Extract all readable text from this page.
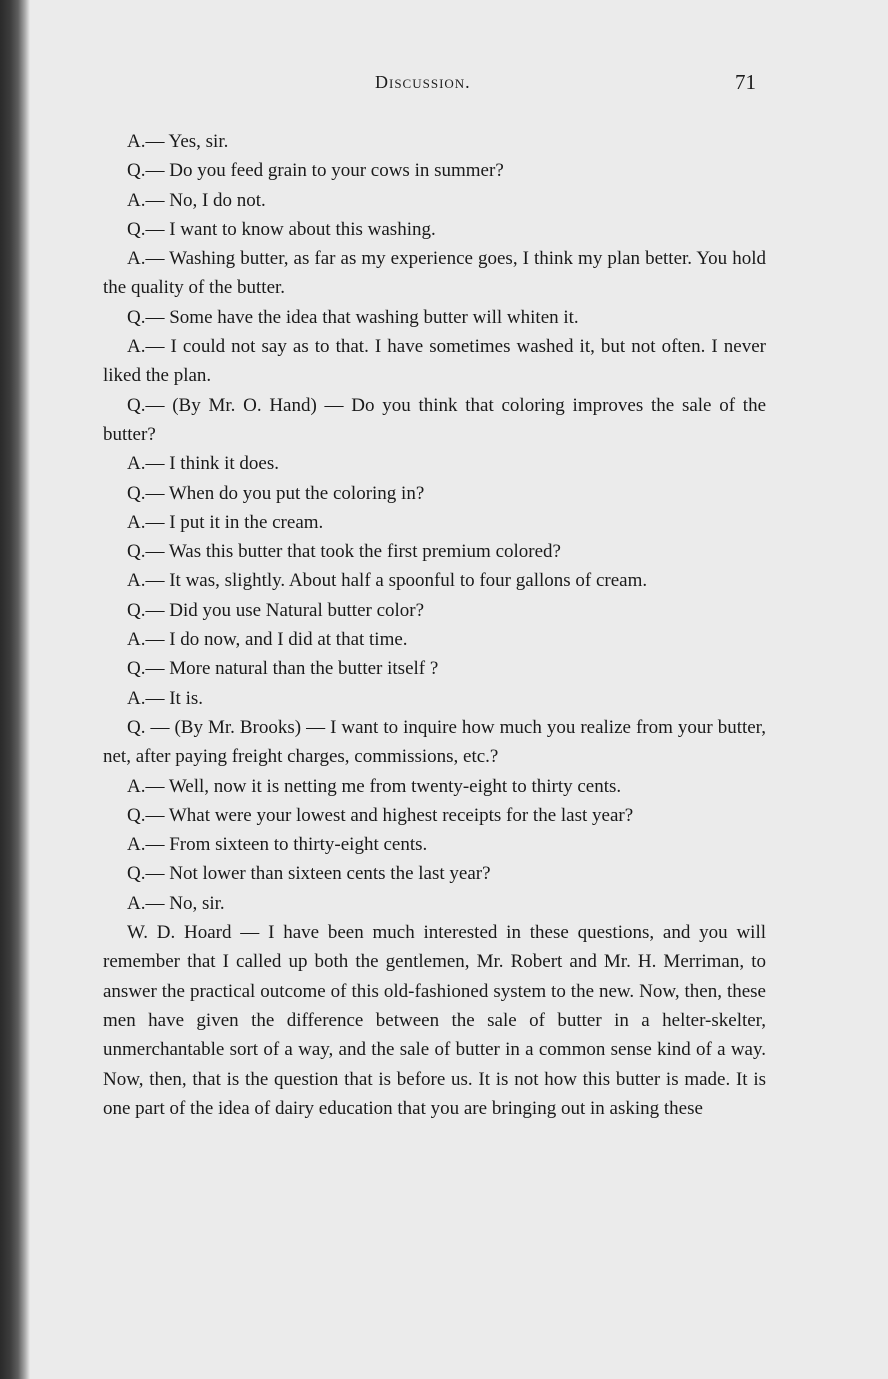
Discussion.	71

A.— Yes, sir.

Q.— Do you feed grain to your cows in summer?

A.— No, I do not.

Q.— I want to know about this washing.

A.— Washing butter, as far as my experience goes, I think my plan better. You hold the quality of the butter.

Q.— Some have the idea that washing butter will whiten it.

A.— I could not say as to that. I have sometimes washed it, but not often. I never liked the plan.

Q.— (By Mr. O. Hand) — Do you think that coloring improves the sale of the butter?

A.— I think it does.

Q.— When do you put the coloring in?

A.— I put it in the cream.

Q.— Was this butter that took the first premium colored?

A.— It was, slightly. About half a spoonful to four gallons of cream.

Q.— Did you use Natural butter color?

A.— I do now, and I did at that time.

Q.— More natural than the butter itself ?

A.— It is.

Q. — (By Mr. Brooks) — I want to inquire how much you realize from your butter, net, after paying freight charges, commissions, etc.?

A.— Well, now it is netting me from twenty-eight to thirty cents.

Q.— What were your lowest and highest receipts for the last year?

A.— From sixteen to thirty-eight cents.

Q.— Not lower than sixteen cents the last year?

A.— No, sir.

W. D. Hoard — I have been much interested in these questions, and you will remember that I called up both the gentlemen, Mr. Robert and Mr. H. Merriman, to answer the practical outcome of this old-fashioned system to the new. Now, then, these men have given the difference between the sale of butter in a helter-skelter, unmerchantable sort of a way, and the sale of butter in a common sense kind of a way. Now, then, that is the question that is before us. It is not how this butter is made. It is one part of the idea of dairy education that you are bringing out in asking these
